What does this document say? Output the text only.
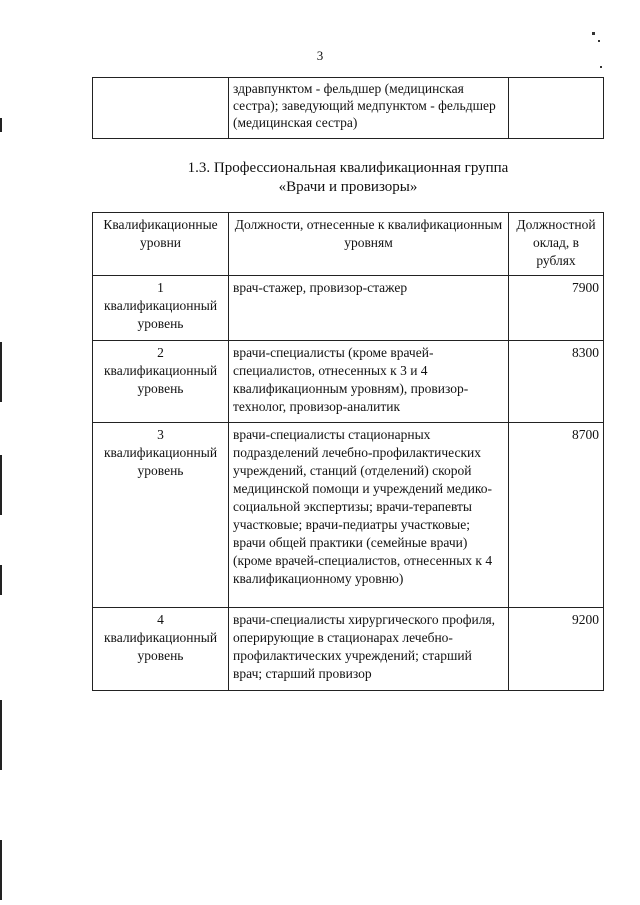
3
	здравпунктом - фельдшер (медицинская сестра); заведующий медпунктом - фельдшер (медицинская сестра)	
1.3. Профессиональная квалификационная группа
«Врачи и провизоры»
Квалификационные уровни	Должности, отнесенные к квалификационным уровням	Должностной оклад, в рублях

1
квалификационный уровень	врач-стажер, провизор-стажер	7900

2
квалификационный уровень	врачи-специалисты (кроме врачей-специалистов, отнесенных к 3 и 4 квалификационным уровням), провизор-технолог, провизор-аналитик	8300

3
квалификационный уровень	врачи-специалисты стационарных подразделений лечебно-профилактических учреждений, станций (отделений) скорой медицинской помощи и учреждений медико-социальной экспертизы; врачи-терапевты участковые; врачи-педиатры участковые; врачи общей практики (семейные врачи) (кроме врачей-специалистов, отнесенных к 4 квалификационному уровню)	8700

4
квалификационный уровень	врачи-специалисты хирургического профиля, оперирующие в стационарах лечебно-профилактических учреждений; старший врач; старший провизор	9200
